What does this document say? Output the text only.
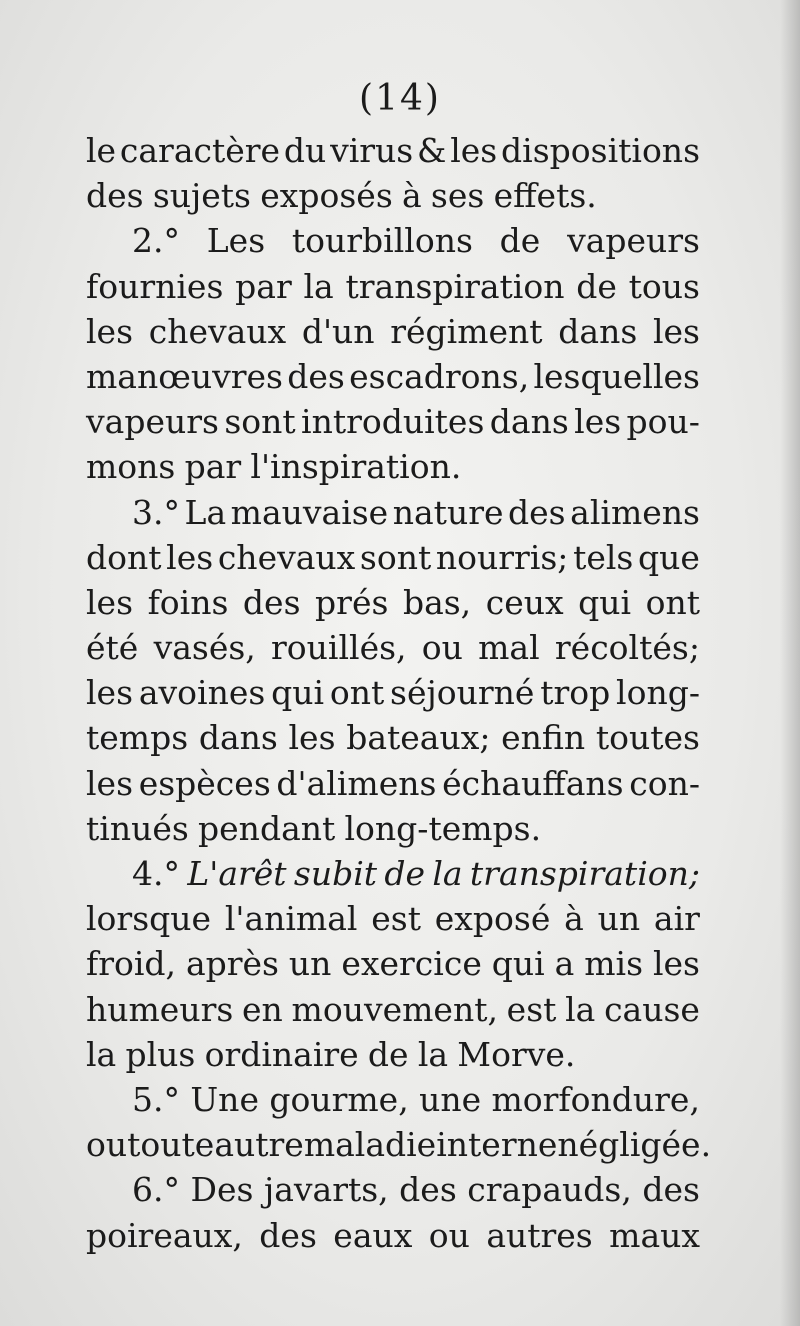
(14)
le caractère du virus & les dispositions
des sujets exposés à ses effets.
2.° Les tourbillons de vapeurs
fournies par la transpiration de tous
les chevaux d'un régiment dans les
manœuvres des escadrons, lesquelles
vapeurs sont introduites dans les pou-
mons par l'inspiration.
3.° La mauvaise nature des alimens
dont les chevaux sont nourris; tels que
les foins des prés bas, ceux qui ont
été vasés, rouillés, ou mal récoltés;
les avoines qui ont séjourné trop long-
temps dans les bateaux; enfin toutes
les espèces d'alimens échauffans con-
tinués pendant long-temps.
4.° L'arêt subit de la transpiration;
lorsque l'animal est exposé à un air
froid, après un exercice qui a mis les
humeurs en mouvement, est la cause
la plus ordinaire de la Morve.
5.° Une gourme, une morfondure,
ou toute autre maladie interne négligée.
6.° Des javarts, des crapauds, des
poireaux, des eaux ou autres maux
